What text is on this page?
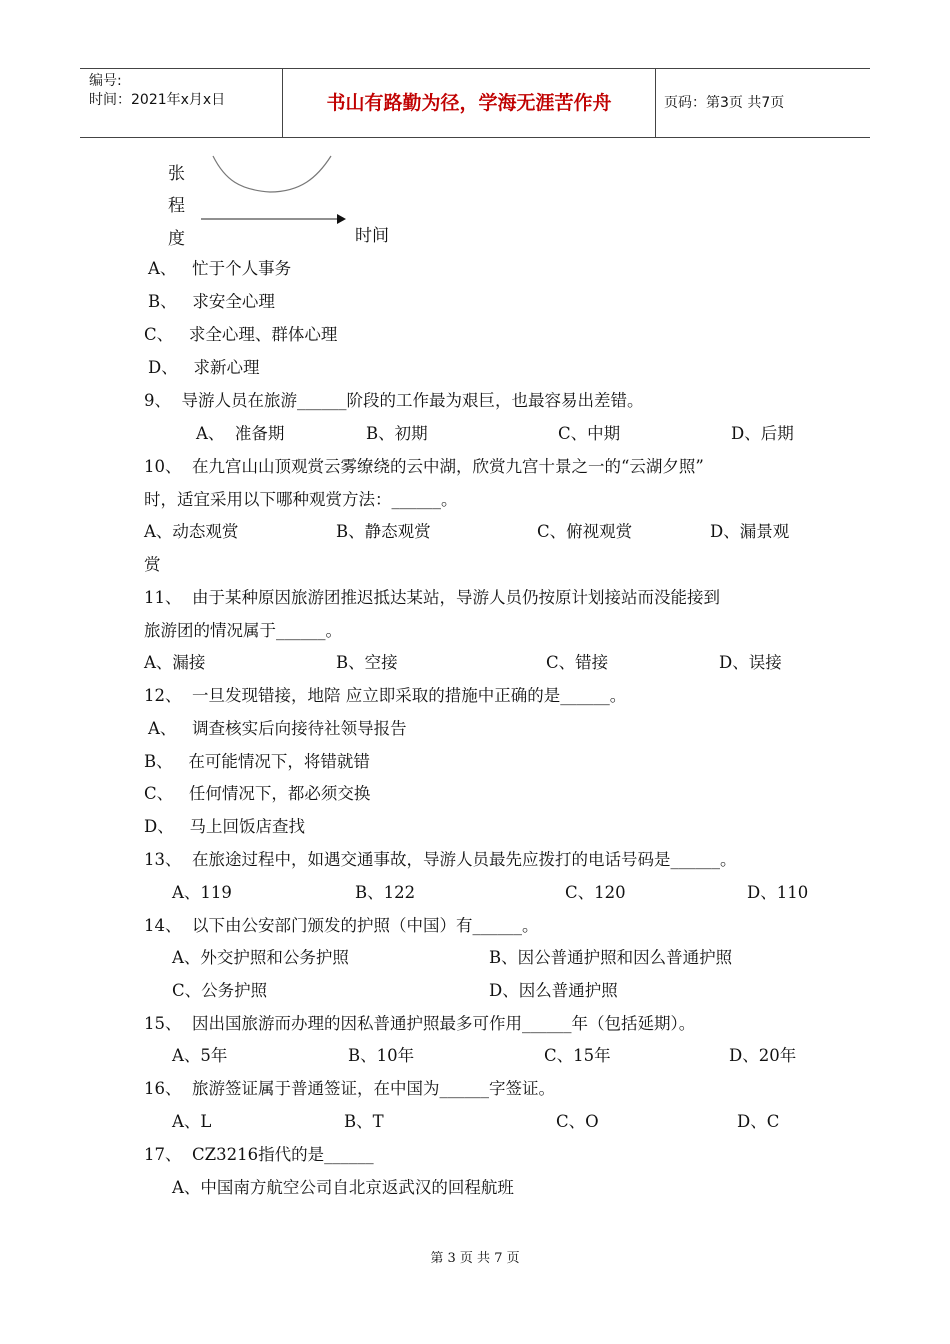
编号:
时间：2021年x月x日	书山有路勤为径，学海无涯苦作舟	页码：第3页 共7页
张
程
度	时间
A、   忙于个人事务
B、   求安全心理
C、   求全心理、群体心理
D、   求新心理
9、  导游人员在旅游______阶段的工作最为艰巨，也最容易出差错。
A、  准备期	B、初期	C、中期	D、后期
10、  在九宫山山顶观赏云雾缭绕的云中湖，欣赏九宫十景之一的“云湖夕照”
时，适宜采用以下哪种观赏方法：______。
A、动态观赏	B、静态观赏	C、俯视观赏	D、漏景观
赏
11、  由于某种原因旅游团推迟抵达某站，导游人员仍按原计划接站而没能接到
旅游团的情况属于______。
A、漏接	B、空接	C、错接	D、误接
12、  一旦发现错接，地陪 应立即采取的措施中正确的是______。
A、   调查核实后向接待社领导报告
B、   在可能情况下，将错就错
C、   任何情况下，都必须交换
D、   马上回饭店查找
13、  在旅途过程中，如遇交通事故，导游人员最先应拨打的电话号码是______。
A、119	B、122	C、120	D、110
14、  以下由公安部门颁发的护照（中国）有______。
A、外交护照和公务护照	B、因公普通护照和因么普通护照
C、公务护照	D、因么普通护照
15、  因出国旅游而办理的因私普通护照最多可作用______年（包括延期）。
A、5年	B、10年	C、15年	D、20年
16、  旅游签证属于普通签证，在中国为______字签证。
A、L	B、T	C、O	D、C
17、  CZ3216指代的是______
A、中国南方航空公司自北京返武汉的回程航班
第 3 页 共 7 页
